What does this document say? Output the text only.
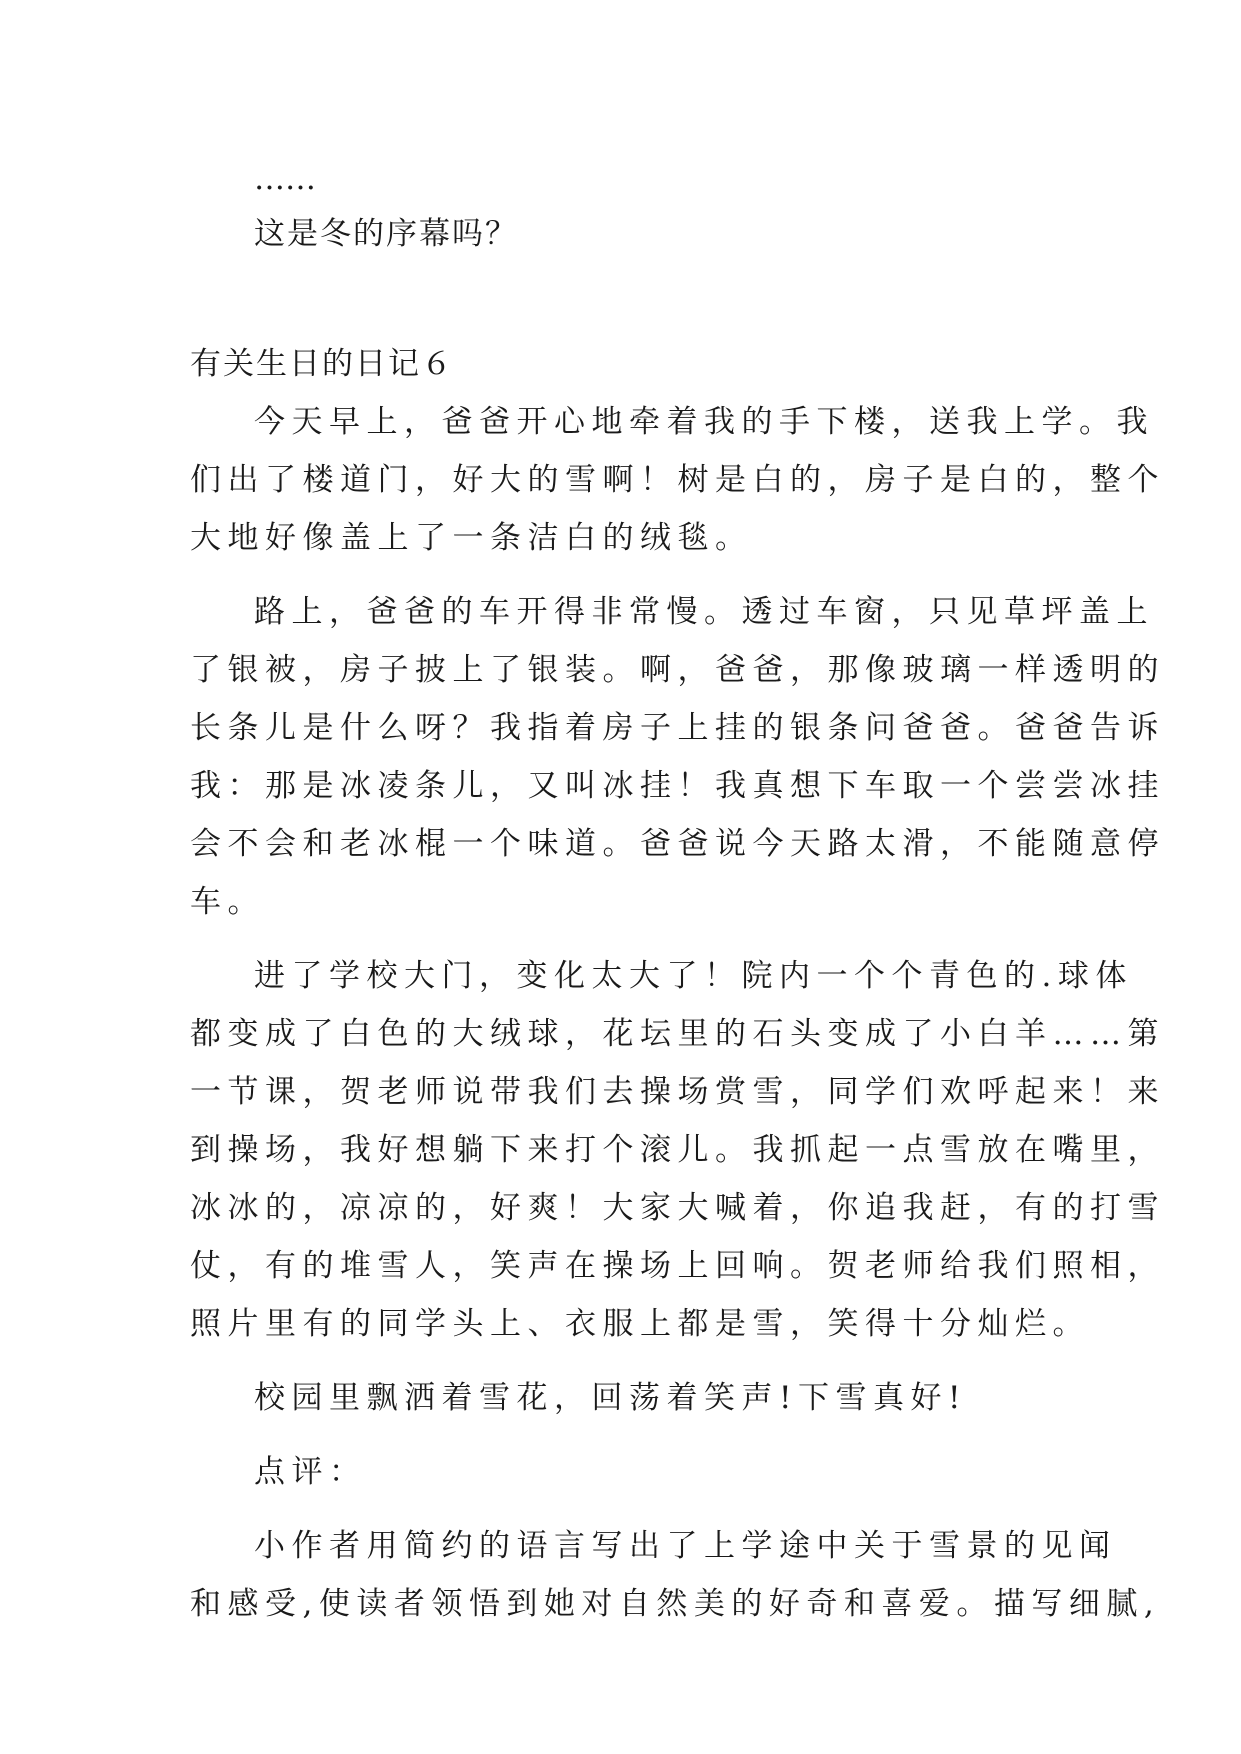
……
这是冬的序幕吗？
有关生日的日记６

今天早上，爸爸开心地牵着我的手下楼，送我上学。我
们出了楼道门，好大的雪啊！树是白的，房子是白的，整个
大地好像盖上了一条洁白的绒毯。

路上，爸爸的车开得非常慢。透过车窗，只见草坪盖上
了银被，房子披上了银装。啊，爸爸，那像玻璃一样透明的
长条儿是什么呀？我指着房子上挂的银条问爸爸。爸爸告诉
我：那是冰凌条儿，又叫冰挂！我真想下车取一个尝尝冰挂
会不会和老冰棍一个味道。爸爸说今天路太滑，不能随意停
车。

进了学校大门，变化太大了！院内一个个青色的.球体
都变成了白色的大绒球，花坛里的石头变成了小白羊……第
一节课，贺老师说带我们去操场赏雪，同学们欢呼起来！来
到操场，我好想躺下来打个滚儿。我抓起一点雪放在嘴里，
冰冰的，凉凉的，好爽！大家大喊着，你追我赶，有的打雪
仗，有的堆雪人，笑声在操场上回响。贺老师给我们照相，
照片里有的同学头上、衣服上都是雪，笑得十分灿烂。

校园里飘洒着雪花，回荡着笑声!下雪真好!

点评：

小作者用简约的语言写出了上学途中关于雪景的见闻
和感受,使读者领悟到她对自然美的好奇和喜爱。描写细腻,
